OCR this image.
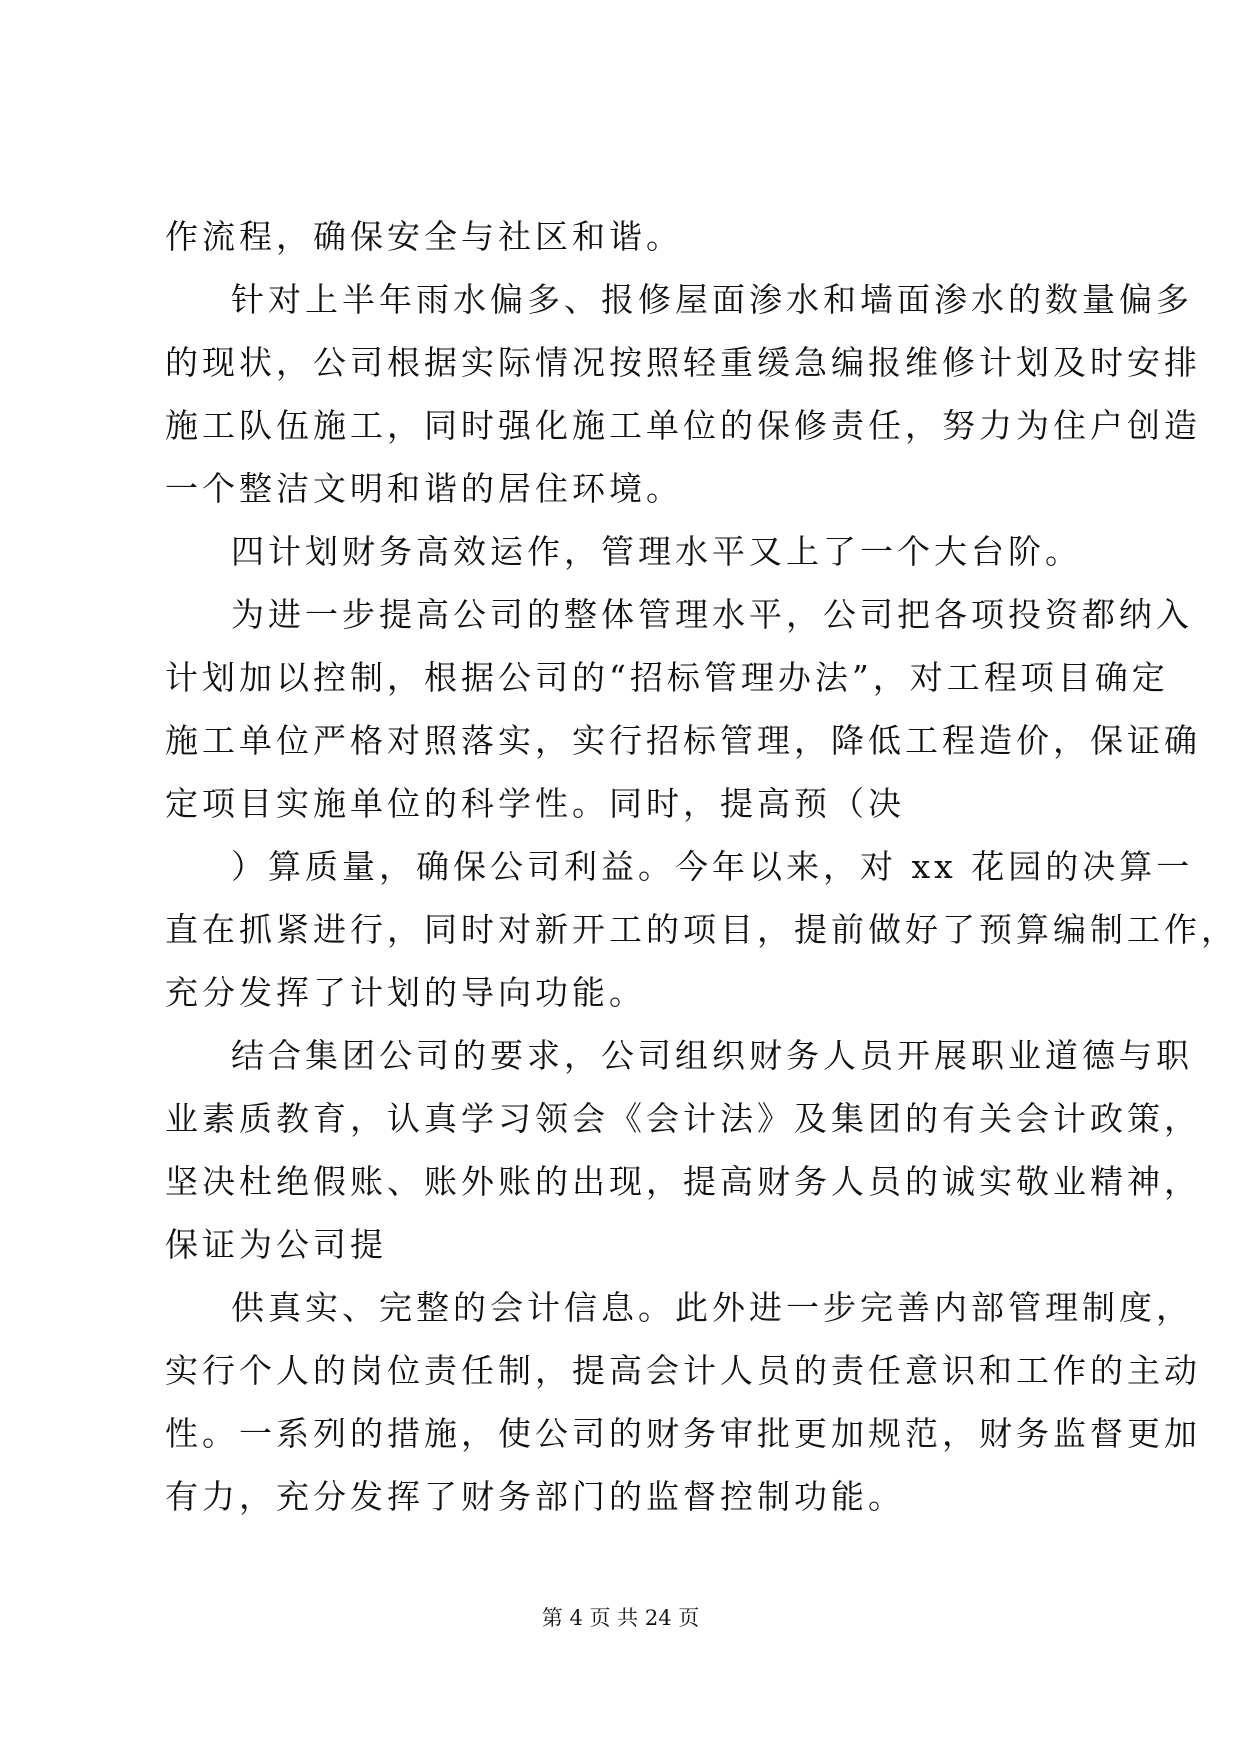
作流程，确保安全与社区和谐。
针对上半年雨水偏多、报修屋面渗水和墙面渗水的数量偏多
的现状，公司根据实际情况按照轻重缓急编报维修计划及时安排
施工队伍施工，同时强化施工单位的保修责任，努力为住户创造
一个整洁文明和谐的居住环境。
四计划财务高效运作，管理水平又上了一个大台阶。
为进一步提高公司的整体管理水平，公司把各项投资都纳入
计划加以控制，根据公司的“招标管理办法”，对工程项目确定
施工单位严格对照落实，实行招标管理，降低工程造价，保证确
定项目实施单位的科学性。同时，提高预（决
）算质量，确保公司利益。今年以来，对 xx 花园的决算一
直在抓紧进行，同时对新开工的项目，提前做好了预算编制工作，
充分发挥了计划的导向功能。
结合集团公司的要求，公司组织财务人员开展职业道德与职
业素质教育，认真学习领会《会计法》及集团的有关会计政策，
坚决杜绝假账、账外账的出现，提高财务人员的诚实敬业精神，
保证为公司提
供真实、完整的会计信息。此外进一步完善内部管理制度，
实行个人的岗位责任制，提高会计人员的责任意识和工作的主动
性。一系列的措施，使公司的财务审批更加规范，财务监督更加
有力，充分发挥了财务部门的监督控制功能。
第 4 页 共 24 页
